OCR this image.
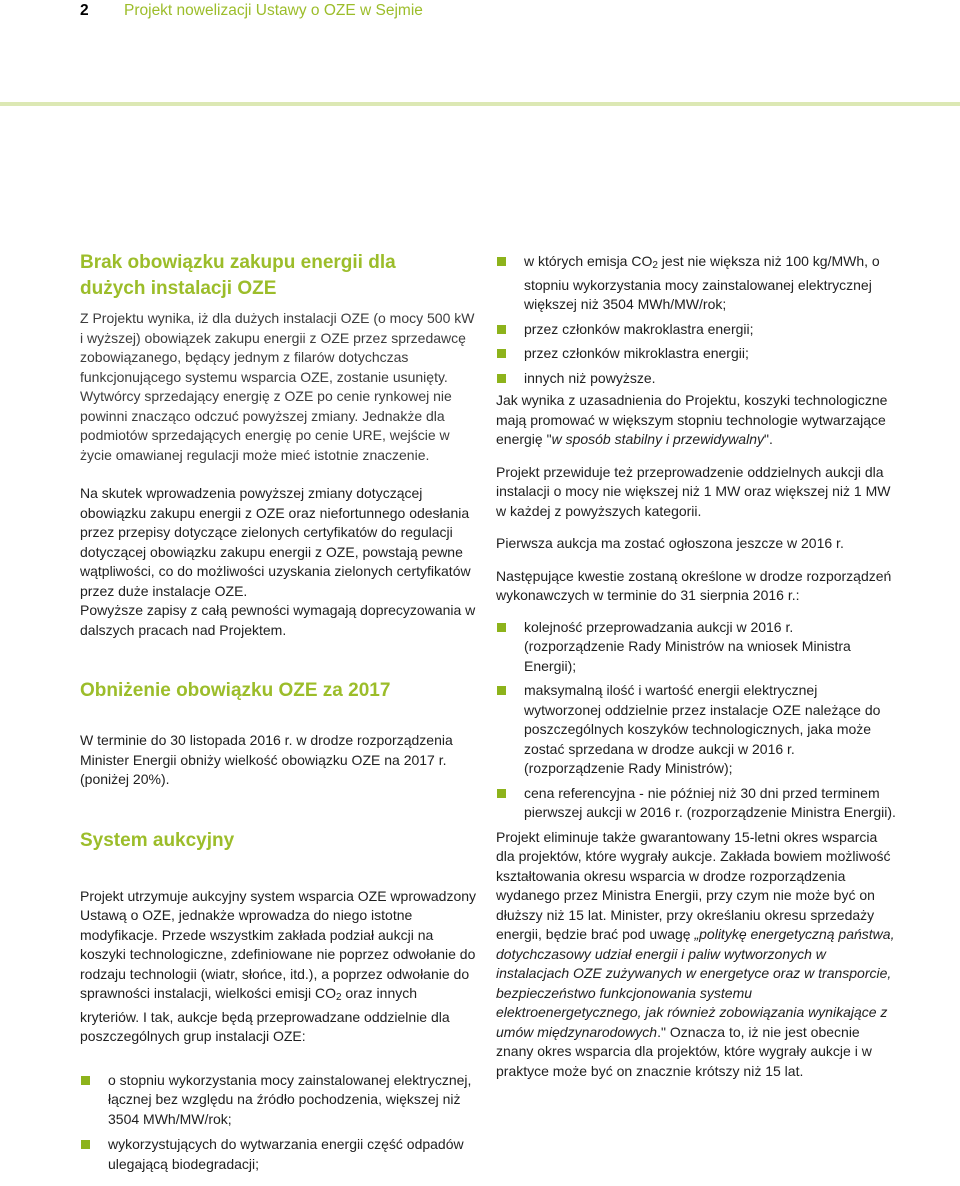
2 Projekt nowelizacji Ustawy o OZE w Sejmie
Brak obowiązku zakupu energii dla
dużych instalacji OZE

Z Projektu wynika, iż dla dużych instalacji OZE (o mocy 500 kW i wyższej) obowiązek zakupu energii z OZE przez sprzedawcę zobowiązanego, będący jednym z filarów dotychczas funkcjonującego systemu wsparcia OZE, zostanie usunięty. Wytwórcy sprzedający energię z OZE po cenie rynkowej nie powinni znacząco odczuć powyższej zmiany. Jednakże dla podmiotów sprzedających energię po cenie URE, wejście w życie omawianej regulacji może mieć istotnie znaczenie.

Na skutek wprowadzenia powyższej zmiany dotyczącej obowiązku zakupu energii z OZE oraz niefortunnego odesłania przez przepisy dotyczące zielonych certyfikatów do regulacji dotyczącej obowiązku zakupu energii z OZE, powstają pewne wątpliwości, co do możliwości uzyskania zielonych certyfikatów przez duże instalacje OZE.

Powyższe zapisy z całą pewności wymagają doprecyzowania w dalszych pracach nad Projektem.

Obniżenie obowiązku OZE za 2017

W terminie do 30 listopada 2016 r. w drodze rozporządzenia Minister Energii obniży wielkość obowiązku OZE na 2017 r. (poniżej 20%).

System aukcyjny

Projekt utrzymuje aukcyjny system wsparcia OZE wprowadzony Ustawą o OZE, jednakże wprowadza do niego istotne modyfikacje. Przede wszystkim zakłada podział aukcji na koszyki technologiczne, zdefiniowane nie poprzez odwołanie do rodzaju technologii (wiatr, słońce, itd.), a poprzez odwołanie do sprawności instalacji, wielkości emisji $CO_2$ oraz innych kryteriów. I tak, aukcje będą przeprowadzane oddzielnie dla poszczególnych grup instalacji OZE:

o stopniu wykorzystania mocy zainstalowanej elektrycznej, łącznej bez względu na źródło pochodzenia, większej niż 3504 MWh/MW/rok;
wykorzystujących do wytwarzania energii część odpadów ulegającą biodegradacji;
w których emisja $CO_2$ jest nie większa niż 100 kg/MWh, o stopniu wykorzystania mocy zainstalowanej elektrycznej większej niż 3504 MWh/MW/rok;
przez członków makroklastra energii;
przez członków mikroklastra energii;
innych niż powyższe.

Jak wynika z uzasadnienia do Projektu, koszyki technologiczne mają promować w większym stopniu technologie wytwarzające energię "w sposób stabilny i przewidywalny".

Projekt przewiduje też przeprowadzenie oddzielnych aukcji dla instalacji o mocy nie większej niż 1 MW oraz większej niż 1 MW w każdej z powyższych kategorii.

Pierwsza aukcja ma zostać ogłoszona jeszcze w 2016 r.

Następujące kwestie zostaną określone w drodze rozporządzeń wykonawczych w terminie do 31 sierpnia 2016 r.:

kolejność przeprowadzania aukcji w 2016 r. (rozporządzenie Rady Ministrów na wniosek Ministra Energii);
maksymalną ilość i wartość energii elektrycznej wytworzonej oddzielnie przez instalacje OZE należące do poszczególnych koszyków technologicznych, jaka może zostać sprzedana w drodze aukcji w 2016 r. (rozporządzenie Rady Ministrów);
cena referencyjna - nie później niż 30 dni przed terminem pierwszej aukcji w 2016 r. (rozporządzenie Ministra Energii).

Projekt eliminuje także gwarantowany 15-letni okres wsparcia dla projektów, które wygrały aukcje. Zakłada bowiem możliwość kształtowania okresu wsparcia w drodze rozporządzenia wydanego przez Ministra Energii, przy czym nie może być on dłuższy niż 15 lat. Minister, przy określaniu okresu sprzedaży energii, będzie brać pod uwagę „politykę energetyczną państwa, dotychczasowy udział energii i paliw wytworzonych w instalacjach OZE zużywanych w energetyce oraz w transporcie, bezpieczeństwo funkcjonowania systemu elektroenergetycznego, jak również zobowiązania wynikające z umów międzynarodowych." Oznacza to, iż nie jest obecnie znany okres wsparcia dla projektów, które wygrały aukcje i w praktyce może być on znacznie krótszy niż 15 lat.
